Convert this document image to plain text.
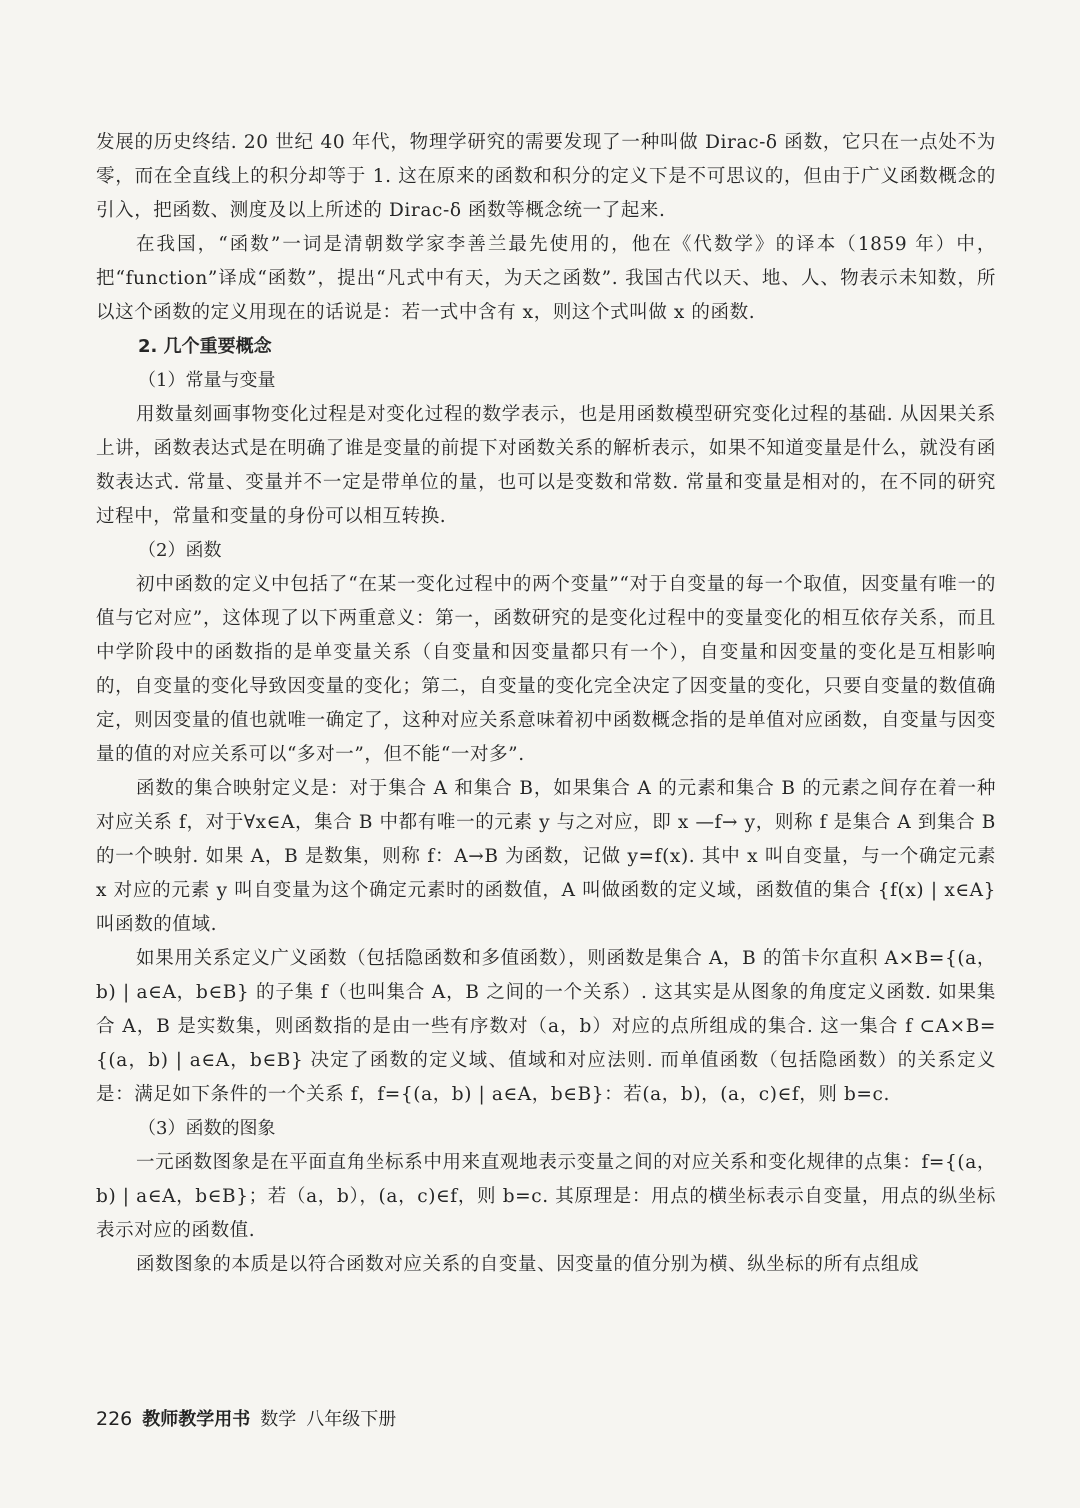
发展的历史终结. 20 世纪 40 年代，物理学研究的需要发现了一种叫做 Dirac-δ 函数，它只在一点处不为零，而在全直线上的积分却等于 1. 这在原来的函数和积分的定义下是不可思议的，但由于广义函数概念的引入，把函数、测度及以上所述的 Dirac-δ 函数等概念统一了起来.

在我国，“函数”一词是清朝数学家李善兰最先使用的，他在《代数学》的译本（1859 年）中，把“function”译成“函数”，提出“凡式中有天，为天之函数”. 我国古代以天、地、人、物表示未知数，所以这个函数的定义用现在的话说是：若一式中含有 x，则这个式叫做 x 的函数.

2. 几个重要概念

（1）常量与变量

用数量刻画事物变化过程是对变化过程的数学表示，也是用函数模型研究变化过程的基础. 从因果关系上讲，函数表达式是在明确了谁是变量的前提下对函数关系的解析表示，如果不知道变量是什么，就没有函数表达式. 常量、变量并不一定是带单位的量，也可以是变数和常数. 常量和变量是相对的，在不同的研究过程中，常量和变量的身份可以相互转换.

（2）函数

初中函数的定义中包括了“在某一变化过程中的两个变量”“对于自变量的每一个取值，因变量有唯一的值与它对应”，这体现了以下两重意义：第一，函数研究的是变化过程中的变量变化的相互依存关系，而且中学阶段中的函数指的是单变量关系（自变量和因变量都只有一个），自变量和因变量的变化是互相影响的，自变量的变化导致因变量的变化；第二，自变量的变化完全决定了因变量的变化，只要自变量的数值确定，则因变量的值也就唯一确定了，这种对应关系意味着初中函数概念指的是单值对应函数，自变量与因变量的值的对应关系可以“多对一”，但不能“一对多”.

函数的集合映射定义是：对于集合 A 和集合 B，如果集合 A 的元素和集合 B 的元素之间存在着一种对应关系 f，对于∀x∈A，集合 B 中都有唯一的元素 y 与之对应，即 x —f→ y，则称 f 是集合 A 到集合 B 的一个映射. 如果 A，B 是数集，则称 f：A→B 为函数，记做 y=f(x). 其中 x 叫自变量，与一个确定元素 x 对应的元素 y 叫自变量为这个确定元素时的函数值，A 叫做函数的定义域，函数值的集合 {f(x) | x∈A} 叫函数的值域.

如果用关系定义广义函数（包括隐函数和多值函数），则函数是集合 A，B 的笛卡尔直积 A×B={(a，b) | a∈A，b∈B} 的子集 f（也叫集合 A，B 之间的一个关系）. 这其实是从图象的角度定义函数. 如果集合 A，B 是实数集，则函数指的是由一些有序数对（a，b）对应的点所组成的集合. 这一集合 f ⊂A×B={(a，b) | a∈A，b∈B} 决定了函数的定义域、值域和对应法则. 而单值函数（包括隐函数）的关系定义是：满足如下条件的一个关系 f，f={(a，b) | a∈A，b∈B}：若(a，b)，(a，c)∈f，则 b=c.

（3）函数的图象

一元函数图象是在平面直角坐标系中用来直观地表示变量之间的对应关系和变化规律的点集：f={(a，b) | a∈A，b∈B}；若（a，b），(a，c)∈f，则 b=c. 其原理是：用点的横坐标表示自变量，用点的纵坐标表示对应的函数值.

函数图象的本质是以符合函数对应关系的自变量、因变量的值分别为横、纵坐标的所有点组成

226 教师教学用书 数学 八年级下册
